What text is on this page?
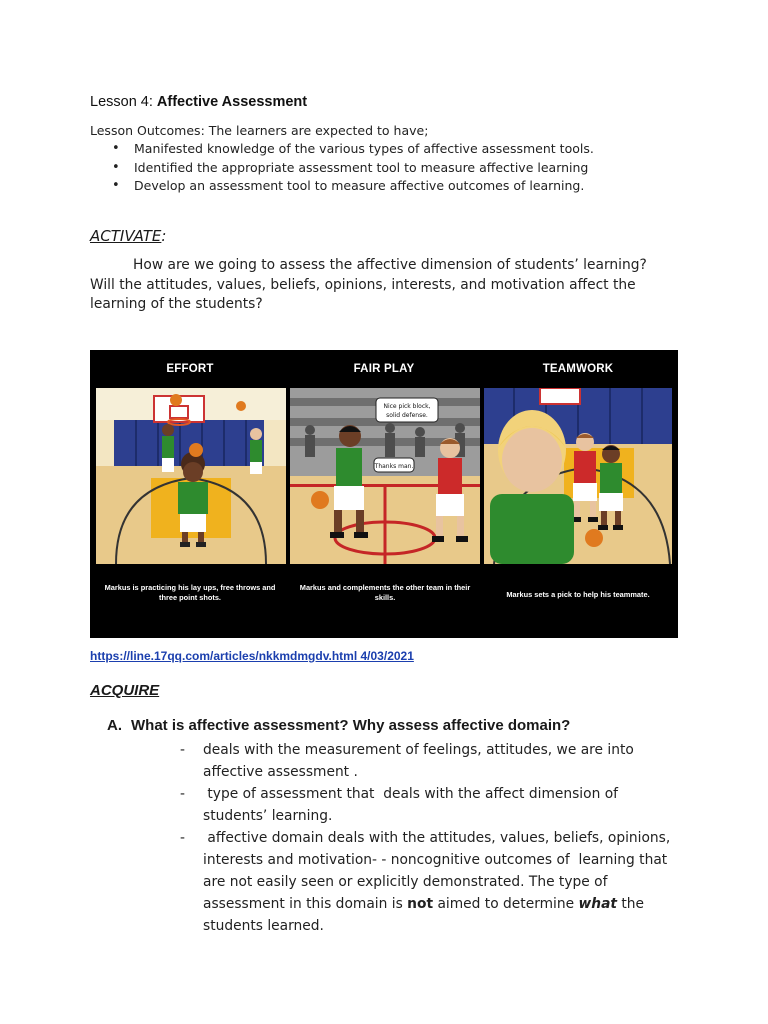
Lesson 4: Affective Assessment
Lesson Outcomes: The learners are expected to have;
• Manifested knowledge of the various types of affective assessment tools.
• Identified the appropriate assessment tool to measure affective learning
• Develop an assessment tool to measure affective outcomes of learning.
ACTIVATE:

How are we going to assess the affective dimension of students’ learning? Will the attitudes, values, beliefs, opinions, interests, and motivation affect the learning of the students?

EFFORT
Markus is practicing his lay ups, free throws and three point shots.
FAIR PLAY
Nice pick block,
solid defense.
Thanks man.
Markus and complements the other team in their skills.
TEAMWORK
Markus sets a pick to help his teammate.
https://line.17qq.com/articles/nkkmdmgdv.html 4/03/2021
ACQUIRE
A. What is affective assessment? Why assess affective domain?
- deals with the measurement of feelings, attitudes, we are into affective assessment .
-  type of assessment that  deals with the affect dimension of students’ learning.
-  affective domain deals with the attitudes, values, beliefs, opinions, interests and motivation- - noncognitive outcomes of  learning that are not easily seen or explicitly demonstrated. The type of assessment in this domain is not aimed to determine what the students learned.
